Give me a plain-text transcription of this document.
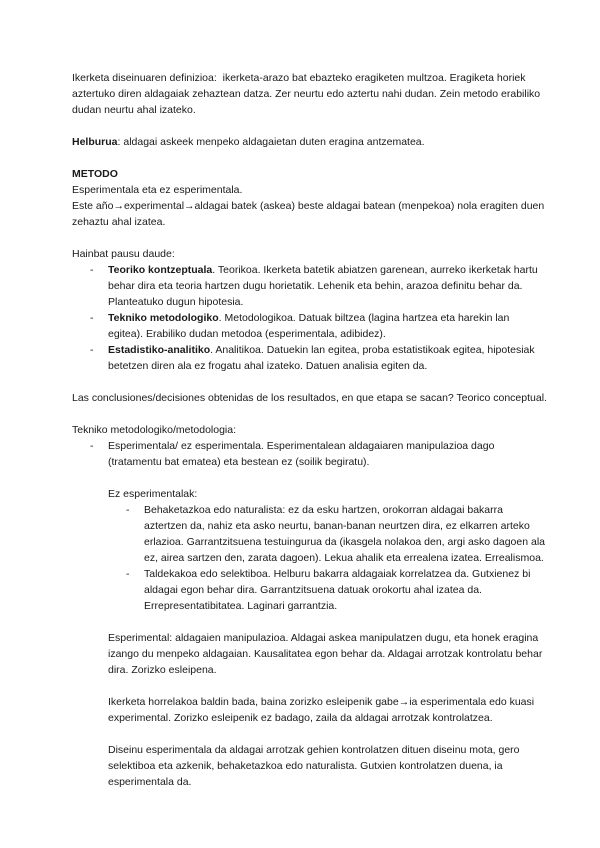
Ikerketa diseinuaren definizioa: ikerketa-arazo bat ebazteko eragiketen multzoa. Eragiketa horiek aztertuko diren aldagaiak zehaztean datza. Zer neurtu edo aztertu nahi dudan. Zein metodo erabiliko dudan neurtu ahal izateko.

Helburua: aldagai askeek menpeko aldagaietan duten eragina antzematea.

METODO

Esperimentala eta ez esperimentala.

Este año→experimental→aldagai batek (askea) beste aldagai batean (menpekoa) nola eragiten duen zehaztu ahal izatea.

Hainbat pausu daude:

- Teoriko kontzeptuala. Teorikoa. Ikerketa batetik abiatzen garenean, aurreko ikerketak hartu behar dira eta teoria hartzen dugu horietatik. Lehenik eta behin, arazoa definitu behar da. Planteatuko dugun hipotesia.
- Tekniko metodologiko. Metodologikoa. Datuak biltzea (lagina hartzea eta harekin lan egitea). Erabiliko dudan metodoa (esperimentala, adibidez).
- Estadistiko-analitiko. Analitikoa. Datuekin lan egitea, proba estatistikoak egitea, hipotesiak betetzen diren ala ez frogatu ahal izateko. Datuen analisia egiten da.

Las conclusiones/decisiones obtenidas de los resultados, en que etapa se sacan? Teorico conceptual.

Tekniko metodologiko/metodologia:

- Esperimentala/ ez esperimentala. Esperimentalean aldagaiaren manipulazioa dago (tratamentu bat ematea) eta bestean ez (soilik begiratu).

Ez esperimentalak:

- Behaketazkoa edo naturalista: ez da esku hartzen, orokorran aldagai bakarra aztertzen da, nahiz eta asko neurtu, banan-banan neurtzen dira, ez elkarren arteko erlazioa. Garrantzitsuena testuingurua da (ikasgela nolakoa den, argi asko dagoen ala ez, airea sartzen den, zarata dagoen). Lekua ahalik eta errealena izatea. Errealismoa.
- Taldekakoa edo selektiboa. Helburu bakarra aldagaiak korrelatzea da. Gutxienez bi aldagai egon behar dira. Garrantzitsuena datuak orokortu ahal izatea da. Errepresentatibitatea. Laginari garrantzia.

Esperimental: aldagaien manipulazioa. Aldagai askea manipulatzen dugu, eta honek eragina izango du menpeko aldagaian. Kausalitatea egon behar da. Aldagai arrotzak kontrolatu behar dira. Zorizko esleipena.

Ikerketa horrelakoa baldin bada, baina zorizko esleipenik gabe→ia esperimentala edo kuasi experimental. Zorizko esleipenik ez badago, zaila da aldagai arrotzak kontrolatzea.

Diseinu esperimentala da aldagai arrotzak gehien kontrolatzen dituen diseinu mota, gero selektiboa eta azkenik, behaketazkoa edo naturalista. Gutxien kontrolatzen duena, ia esperimentala da.
